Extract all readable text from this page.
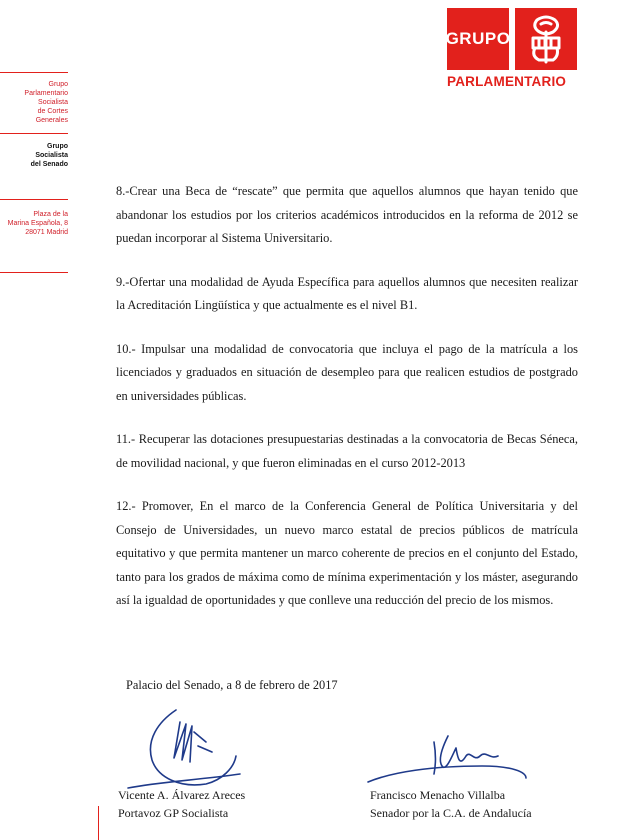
GRUPO
PARLAMENTARIO
Grupo
Parlamentario
Socialista
de Cortes
Generales
Grupo
Socialista
del Senado
Plaza de la
Marina Española, 8
28071 Madrid

8.-Crear una Beca de “rescate” que permita que aquellos alumnos que hayan tenido que abandonar los estudios por los criterios académicos introducidos en la reforma de 2012 se puedan incorporar al Sistema Universitario.

9.-Ofertar una modalidad de Ayuda Específica para aquellos alumnos que necesiten realizar la Acreditación Lingüística y que actualmente es el nivel B1.

10.- Impulsar una modalidad de convocatoria que incluya el pago de la matrícula a los licenciados y graduados en situación de desempleo para que realicen estudios de postgrado en universidades públicas.

11.- Recuperar las dotaciones presupuestarias destinadas a la convocatoria de Becas Séneca, de movilidad nacional, y que fueron eliminadas en el curso 2012-2013

12.- Promover, En el marco de la Conferencia General de Política Universitaria y del Consejo de Universidades, un nuevo marco estatal de precios públicos de matrícula equitativo y que permita mantener un marco coherente de precios en el conjunto del Estado, tanto para los grados de máxima como de mínima experimentación y los máster, asegurando así la igualdad de oportunidades y que conlleve una reducción del precio de los mismos.

Palacio del Senado, a 8 de febrero de 2017
Vicente A. Álvarez Areces
Portavoz GP Socialista
Francisco Menacho Villalba
Senador por la C.A. de Andalucía
